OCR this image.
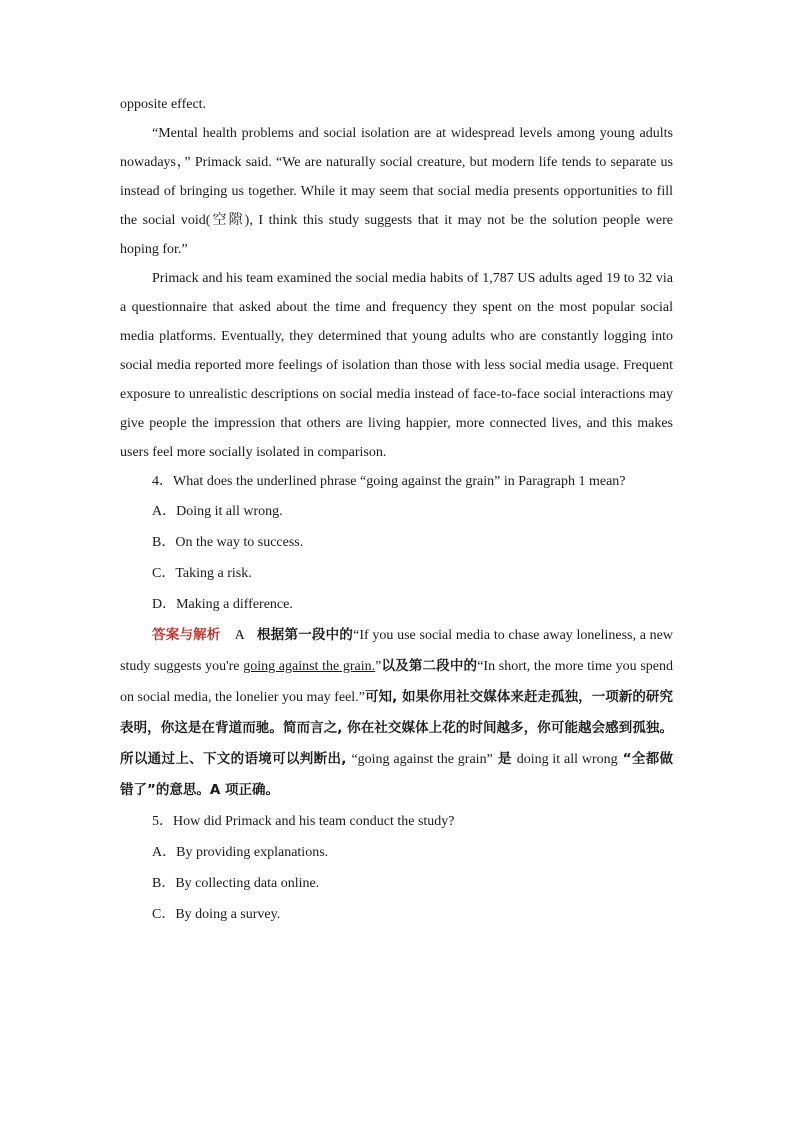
opposite effect.

“Mental health problems and social isolation are at widespread levels among young adults nowadays，” Primack said. “We are naturally social creature, but modern life tends to separate us instead of bringing us together. While it may seem that social media presents opportunities to fill the social void(空隙), I think this study suggests that it may not be the solution people were hoping for.”

Primack and his team examined the social media habits of 1,787 US adults aged 19 to 32 via a questionnaire that asked about the time and frequency they spent on the most popular social media platforms. Eventually, they determined that young adults who are constantly logging into social media reported more feelings of isolation than those with less social media usage. Frequent exposure to unrealistic descriptions on social media instead of face-to-face social interactions may give people the impression that others are living happier, more connected lives, and this makes users feel more socially isolated in comparison.

4．What does the underlined phrase “going against the grain” in Paragraph 1 mean?

A．Doing it all wrong.

B．On the way to success.

C．Taking a risk.

D．Making a difference.

答案与解析 A 根据第一段中的“If you use social media to chase away loneliness, a new study suggests you're going against the grain.”以及第二段中的“In short, the more time you spend on social media, the lonelier you may feel.”可知, 如果你用社交媒体来赶走孤独，一项新的研究表明，你这是在背道而驰。简而言之, 你在社交媒体上花的时间越多，你可能越会感到孤独。所以通过上、下文的语境可以判断出, “going against the grain” 是 doing it all wrong “全都做错了”的意思。A 项正确。

5．How did Primack and his team conduct the study?

A．By providing explanations.

B．By collecting data online.

C．By doing a survey.
